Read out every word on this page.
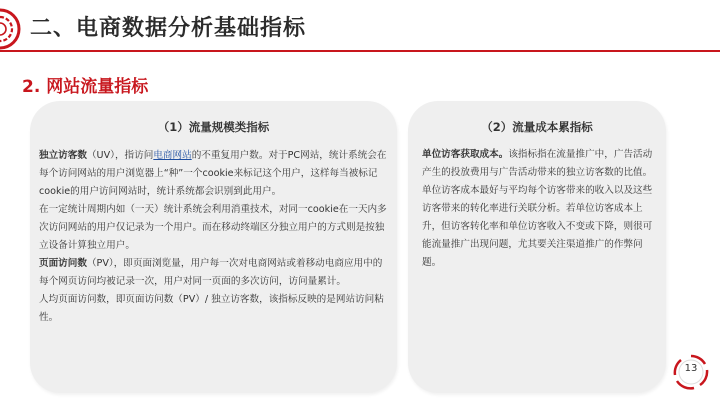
二、电商数据分析基础指标
2. 网站流量指标
（1）流量规模类指标

独立访客数（UV），指访问电商网站的不重复用户数。对于PC网站，统计系统会在每个访问网站的用户浏览器上“种”一个cookie来标记这个用户，这样每当被标记cookie的用户访问网站时，统计系统都会识别到此用户。

在一定统计周期内如（一天）统计系统会利用消重技术，对同一cookie在一天内多次访问网站的用户仅记录为一个用户。而在移动终端区分独立用户的方式则是按独立设备计算独立用户。

页面访问数（PV），即页面浏览量，用户每一次对电商网站或着移动电商应用中的每个网页访问均被记录一次，用户对同一页面的多次访问，访问量累计。

人均页面访问数，即页面访问数（PV）/ 独立访客数，该指标反映的是网站访问粘性。

（2）流量成本累指标

单位访客获取成本。该指标指在流量推广中，广告活动产生的投放费用与广告活动带来的独立访客数的比值。单位访客成本最好与平均每个访客带来的收入以及这些访客带来的转化率进行关联分析。若单位访客成本上升，但访客转化率和单位访客收入不变或下降，则很可能流量推广出现问题，尤其要关注渠道推广的作弊问题。

13
